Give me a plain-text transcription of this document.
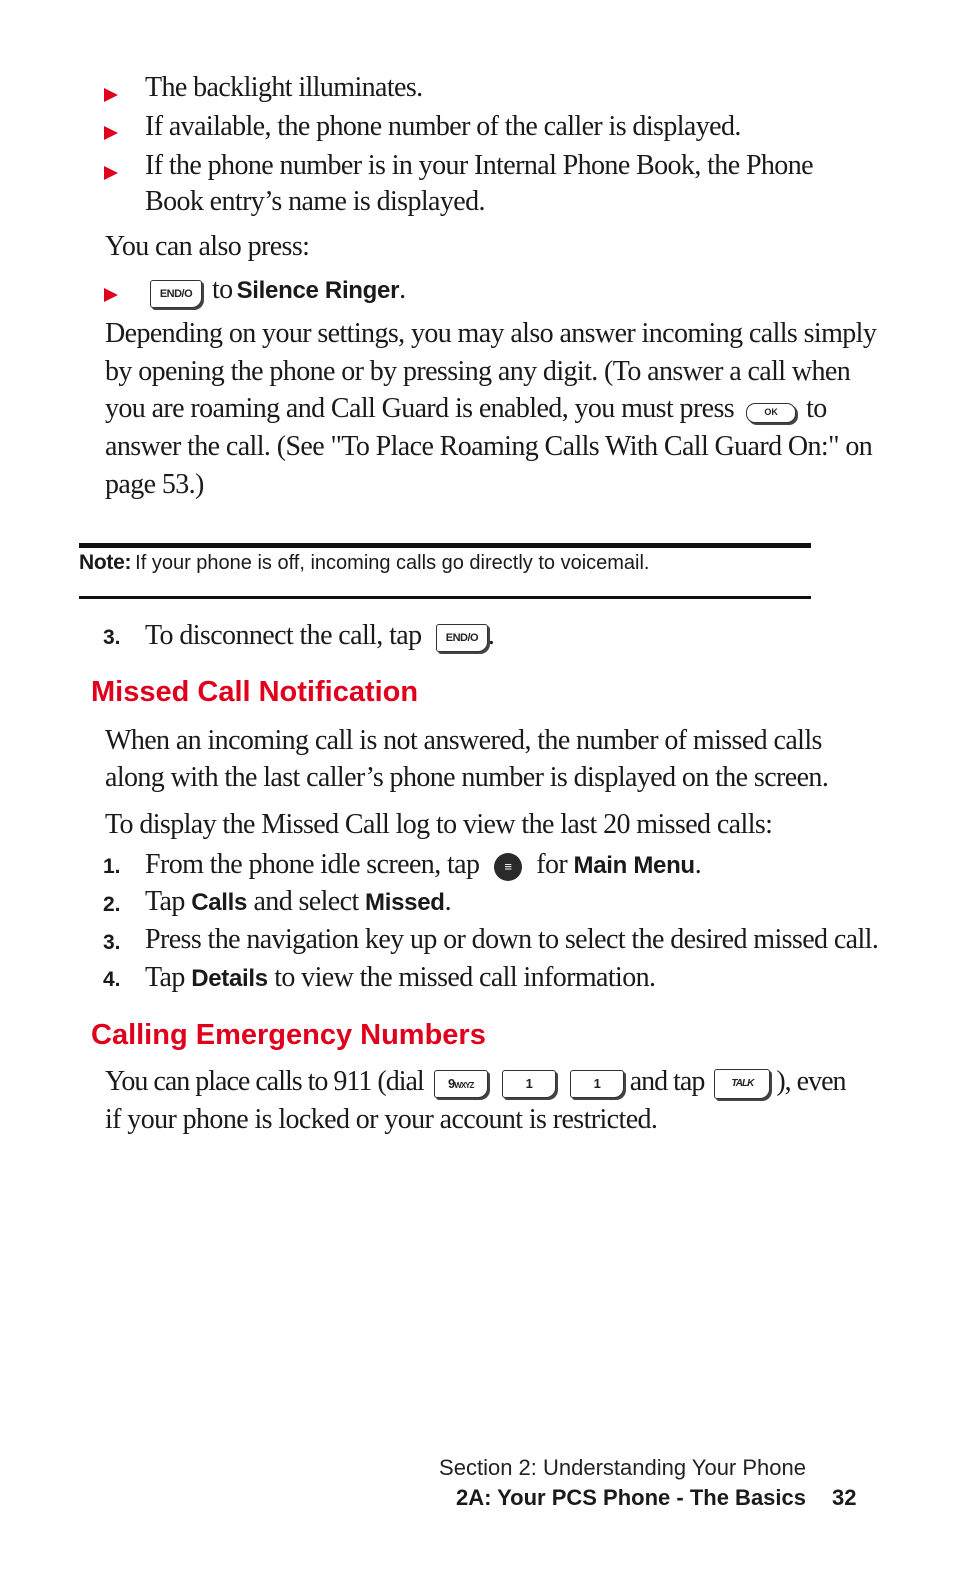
The backlight illuminates.
If available, the phone number of the caller is displayed.
If the phone number is in your Internal Phone Book, the Phone
Book entry’s name is displayed.
You can also press:
END/O to Silence Ringer.
Depending on your settings, you may also answer incoming calls simply
by opening the phone or by pressing any digit. (To answer a call when
you are roaming and Call Guard is enabled, you must press	OK to
answer the call. (See "To Place Roaming Calls With Call Guard On:" on
page 53.)
Note: If your phone is off, incoming calls go directly to voicemail.
3. To disconnect the call, tap END/O .
Missed Call Notification
When an incoming call is not answered, the number of missed calls
along with the last caller’s phone number is displayed on the screen.
To display the Missed Call log to view the last 20 missed calls:
1. From the phone idle screen, tap ≡ for Main Menu.
2. Tap Calls and select Missed.
3. Press the navigation key up or down to select the desired missed call.
4. Tap Details to view the missed call information.
Calling Emergency Numbers
You can place calls to 911 (dial 9WXYZ	1	1 and tap	TALK ), even
if your phone is locked or your account is restricted.
Section 2: Understanding Your Phone
2A: Your PCS Phone - The Basics 32
